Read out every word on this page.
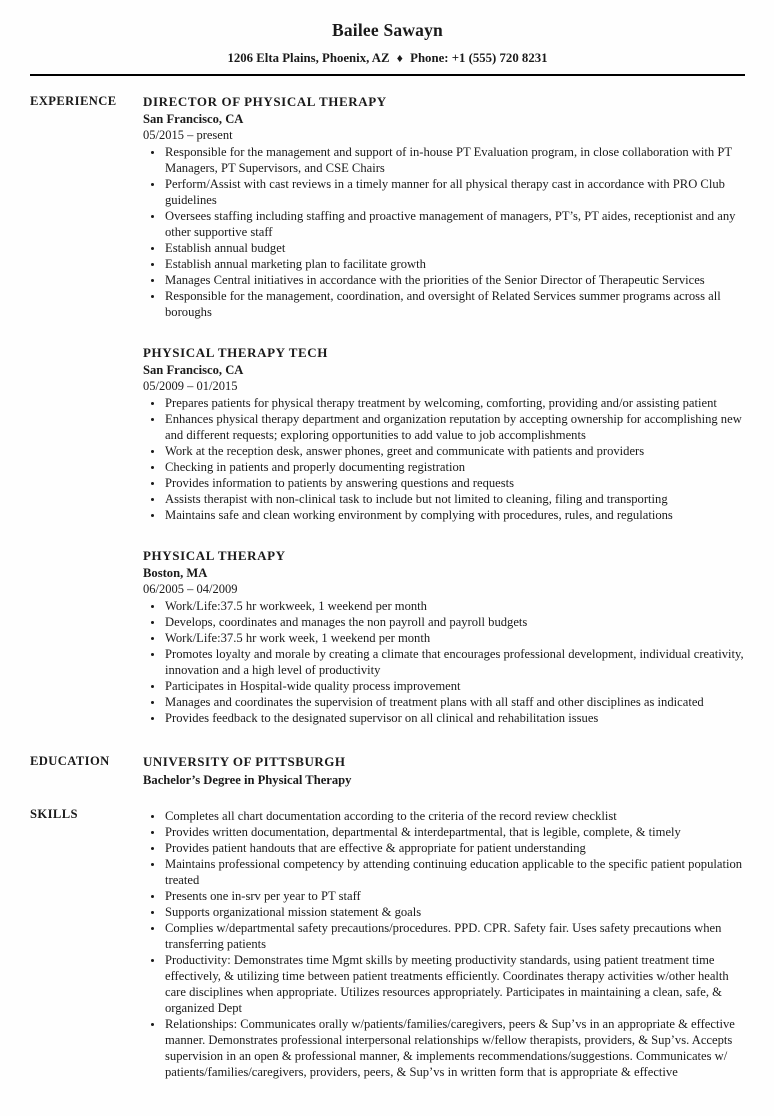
Bailee Sawayn
1206 Elta Plains, Phoenix, AZ ♦ Phone: +1 (555) 720 8231
EXPERIENCE	DIRECTOR OF PHYSICAL THERAPY
San Francisco, CA
05/2015 – present
• Responsible for the management and support of in-house PT Evaluation program, in close collaboration with PT Managers, PT Supervisors, and CSE Chairs
• Perform/Assist with cast reviews in a timely manner for all physical therapy cast in accordance with PRO Club guidelines
• Oversees staffing including staffing and proactive management of managers, PT’s, PT aides, receptionist and any other supportive staff
• Establish annual budget
• Establish annual marketing plan to facilitate growth
• Manages Central initiatives in accordance with the priorities of the Senior Director of Therapeutic Services
• Responsible for the management, coordination, and oversight of Related Services summer programs across all boroughs
PHYSICAL THERAPY TECH
San Francisco, CA
05/2009 – 01/2015
• Prepares patients for physical therapy treatment by welcoming, comforting, providing and/or assisting patient
• Enhances physical therapy department and organization reputation by accepting ownership for accomplishing new and different requests; exploring opportunities to add value to job accomplishments
• Work at the reception desk, answer phones, greet and communicate with patients and providers
• Checking in patients and properly documenting registration
• Provides information to patients by answering questions and requests
• Assists therapist with non-clinical task to include but not limited to cleaning, filing and transporting
• Maintains safe and clean working environment by complying with procedures, rules, and regulations
PHYSICAL THERAPY
Boston, MA
06/2005 – 04/2009
• Work/Life:37.5 hr workweek, 1 weekend per month
• Develops, coordinates and manages the non payroll and payroll budgets
• Work/Life:37.5 hr work week, 1 weekend per month
• Promotes loyalty and morale by creating a climate that encourages professional development, individual creativity, innovation and a high level of productivity
• Participates in Hospital-wide quality process improvement
• Manages and coordinates the supervision of treatment plans with all staff and other disciplines as indicated
• Provides feedback to the designated supervisor on all clinical and rehabilitation issues
EDUCATION	UNIVERSITY OF PITTSBURGH
Bachelor’s Degree in Physical Therapy
SKILLS	• Completes all chart documentation according to the criteria of the record review checklist
• Provides written documentation, departmental & interdepartmental, that is legible, complete, & timely
• Provides patient handouts that are effective & appropriate for patient understanding
• Maintains professional competency by attending continuing education applicable to the specific patient population treated
• Presents one in-srv per year to PT staff
• Supports organizational mission statement & goals
• Complies w/departmental safety precautions/procedures. PPD. CPR. Safety fair. Uses safety precautions when transferring patients
• Productivity: Demonstrates time Mgmt skills by meeting productivity standards, using patient treatment time effectively, & utilizing time between patient treatments efficiently. Coordinates therapy activities w/other health care disciplines when appropriate. Utilizes resources appropriately. Participates in maintaining a clean, safe, & organized Dept
• Relationships: Communicates orally w/patients/families/caregivers, peers & Sup’vs in an appropriate & effective manner. Demonstrates professional interpersonal relationships w/fellow therapists, providers, & Sup’vs. Accepts supervision in an open & professional manner, & implements recommendations/suggestions. Communicates w/ patients/families/caregivers, providers, peers, & Sup’vs in written form that is appropriate & effective
